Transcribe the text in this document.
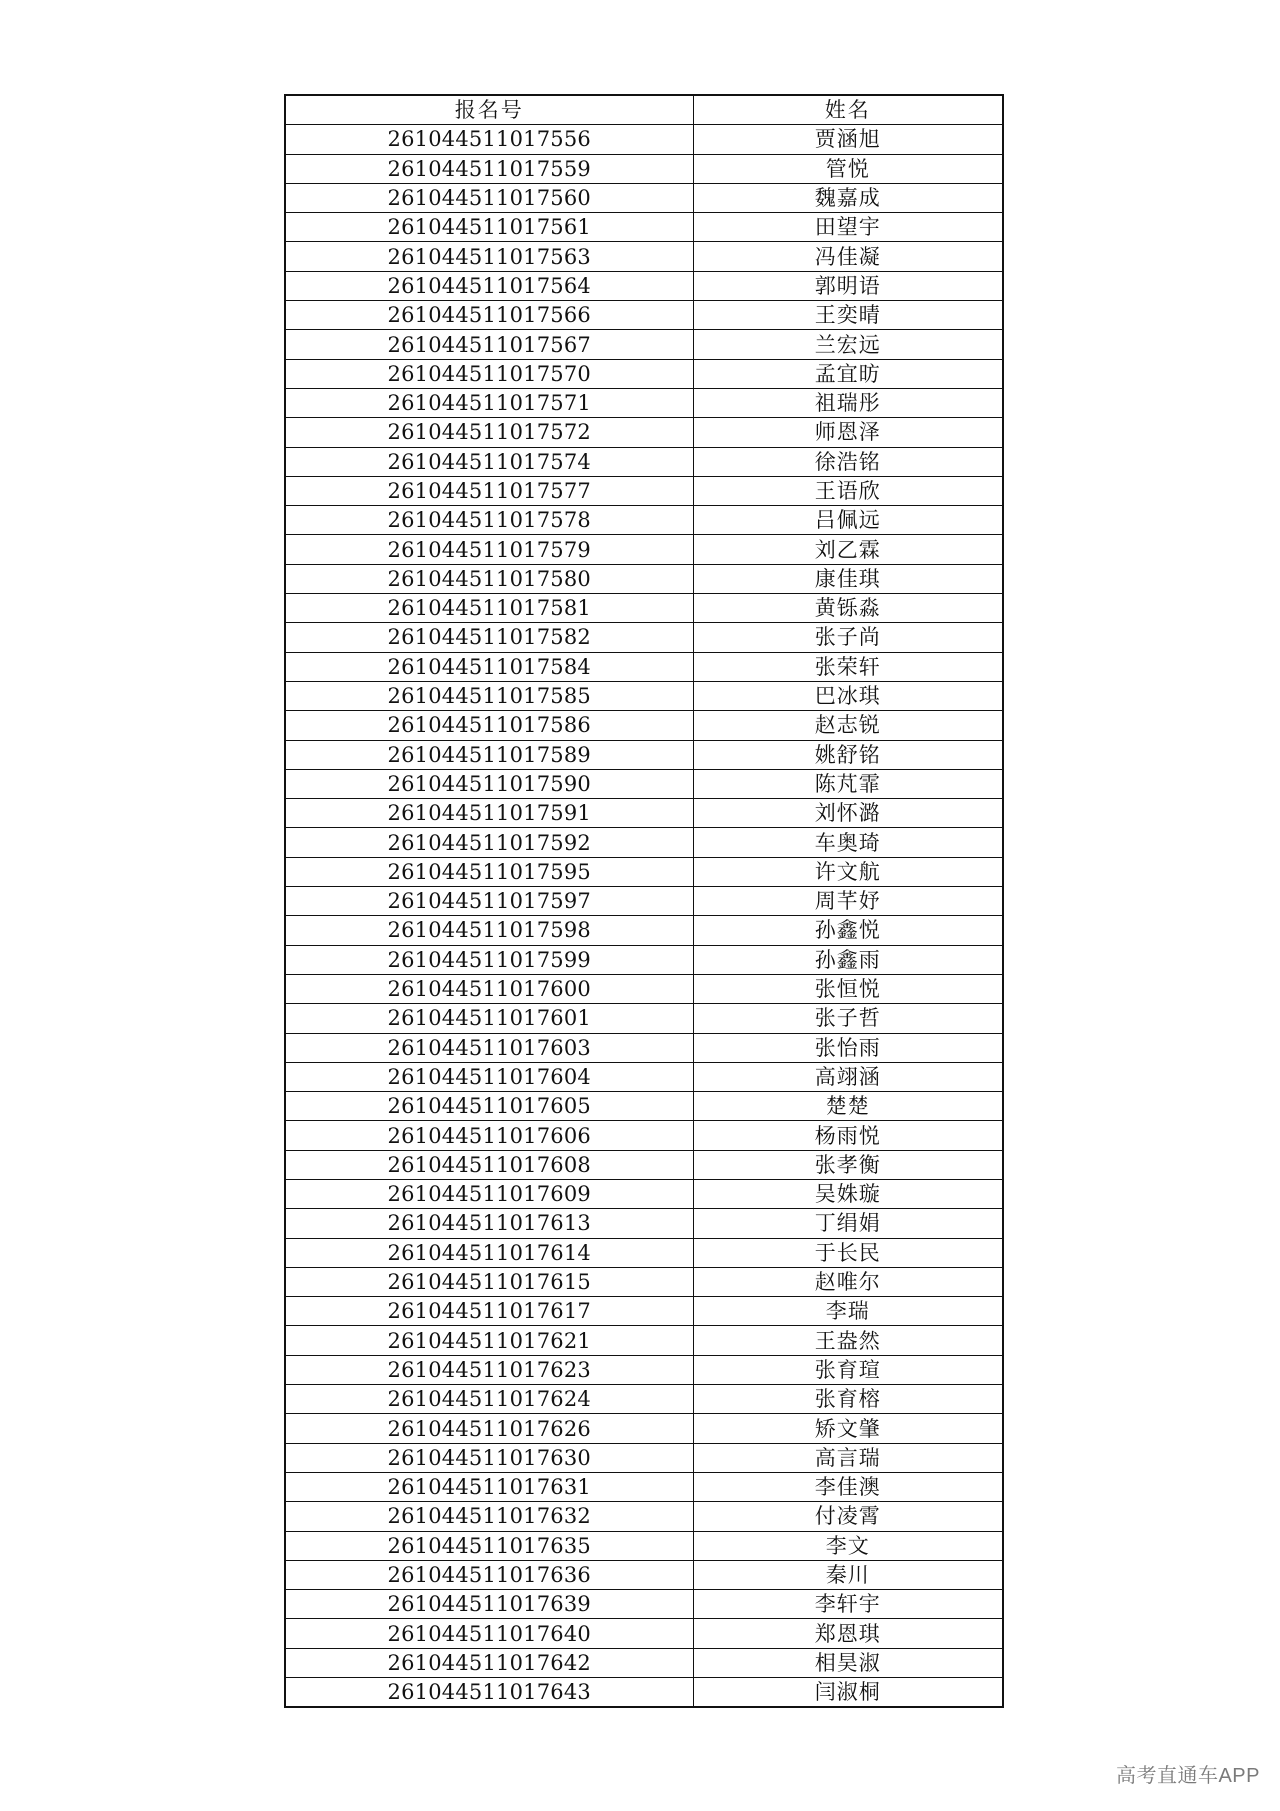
报名号	姓名
261044511017556	贾涵旭
261044511017559	管悦
261044511017560	魏嘉成
261044511017561	田望宇
261044511017563	冯佳凝
261044511017564	郭明语
261044511017566	王奕晴
261044511017567	兰宏远
261044511017570	孟宜昉
261044511017571	祖瑞彤
261044511017572	师恩泽
261044511017574	徐浩铭
261044511017577	王语欣
261044511017578	吕佩远
261044511017579	刘乙霖
261044511017580	康佳琪
261044511017581	黄铄淼
261044511017582	张子尚
261044511017584	张荣轩
261044511017585	巴冰琪
261044511017586	赵志锐
261044511017589	姚舒铭
261044511017590	陈芃霏
261044511017591	刘怀潞
261044511017592	车奥琦
261044511017595	许文航
261044511017597	周芊妤
261044511017598	孙鑫悦
261044511017599	孙鑫雨
261044511017600	张恒悦
261044511017601	张子哲
261044511017603	张怡雨
261044511017604	高翊涵
261044511017605	楚楚
261044511017606	杨雨悦
261044511017608	张孝衡
261044511017609	吴姝璇
261044511017613	丁绢娟
261044511017614	于长民
261044511017615	赵唯尔
261044511017617	李瑞
261044511017621	王盎然
261044511017623	张育瑄
261044511017624	张育榕
261044511017626	矫文肇
261044511017630	高言瑞
261044511017631	李佳澳
261044511017632	付凌霄
261044511017635	李文
261044511017636	秦川
261044511017639	李轩宇
261044511017640	郑恩琪
261044511017642	相昊淑
261044511017643	闫淑桐
高考直通车APP
